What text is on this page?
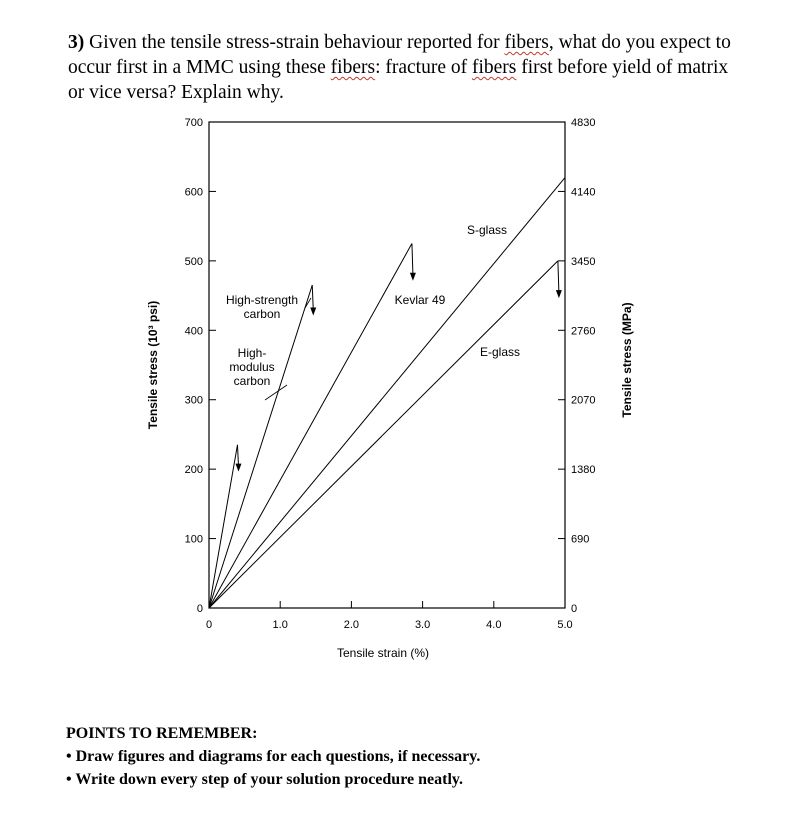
3) Given the tensile stress-strain behaviour reported for fibers, what do you expect to occur first in a MMC using these fibers: fracture of fibers first before yield of matrix or vice versa? Explain why.
0
100
200
300
400
500
600
700
0
690
1380
2070
2760
3450
4140
4830
0	1.0	2.0	3.0	4.0	5.0
Tensile stress (10³ psi)	Tensile stress (MPa)
High-
modulus
carbon
High-strength
carbon
Kevlar 49
S-glass
E-glass
Tensile strain (%)
POINTS TO REMEMBER:
• Draw figures and diagrams for each questions, if necessary.
• Write down every step of your solution procedure neatly.
